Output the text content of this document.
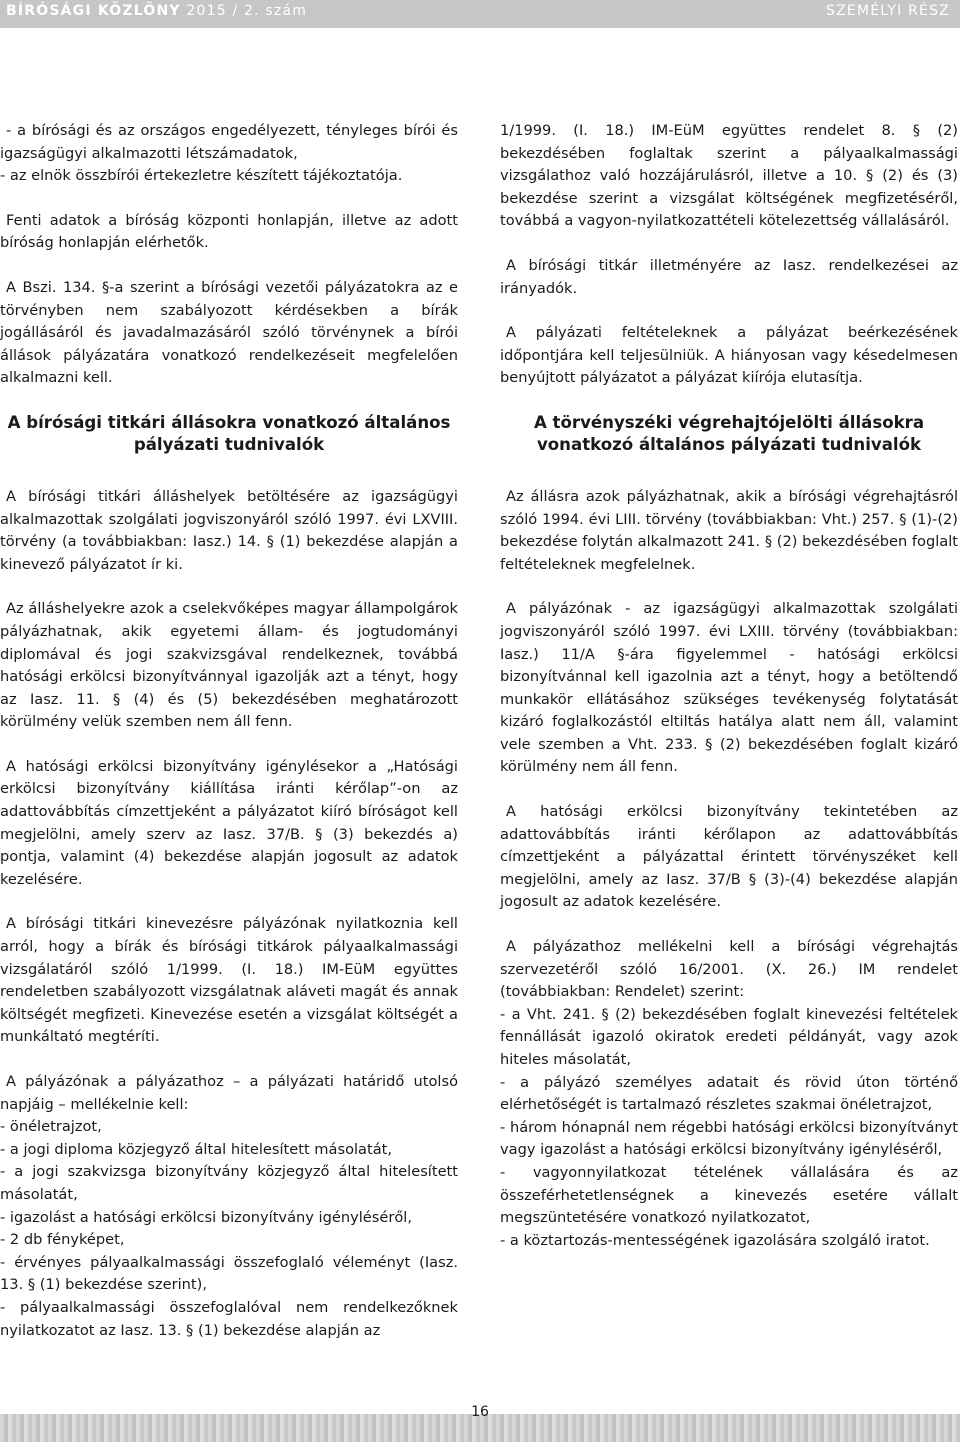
BÍRÓSÁGI KÖZLÖNY 2015 / 2. szám	SZEMÉLYI RÉSZ

- a bírósági és az országos engedélyezett, tényleges bírói és igazságügyi alkalmazotti létszámadatok,
- az elnök összbírói értekezletre készített tájékoztatója.

Fenti adatok a bíróság központi honlapján, illetve az adott bíróság honlapján elérhetők.

A Bszi. 134. §-a szerint a bírósági vezetői pályázatokra az e törvényben nem szabályozott kérdésekben a bírák jogállásáról és javadalmazásáról szóló törvénynek a bírói állások pályázatára vonatkozó rendelkezéseit megfelelően alkalmazni kell.

A bírósági titkári állásokra vonatkozó általános pályázati tudnivalók

A bírósági titkári álláshelyek betöltésére az igazságügyi alkalmazottak szolgálati jogviszonyáról szóló 1997. évi LXVIII. törvény (a továbbiakban: Iasz.) 14. § (1) bekezdése alapján a kinevező pályázatot ír ki.

Az álláshelyekre azok a cselekvőképes magyar állampolgárok pályázhatnak, akik egyetemi állam- és jogtudományi diplomával és jogi szakvizsgával rendelkeznek, továbbá hatósági erkölcsi bizonyítvánnyal igazolják azt a tényt, hogy az Iasz. 11. § (4) és (5) bekezdésében meghatározott körülmény velük szemben nem áll fenn.

A hatósági erkölcsi bizonyítvány igénylésekor a „Hatósági erkölcsi bizonyítvány kiállítása iránti kérőlap”-on az adattovábbítás címzettjeként a pályázatot kiíró bíróságot kell megjelölni, amely szerv az Iasz. 37/B. § (3) bekezdés a) pontja, valamint (4) bekezdése alapján jogosult az adatok kezelésére.

A bírósági titkári kinevezésre pályázónak nyilatkoznia kell arról, hogy a bírák és bírósági titkárok pályaalkalmassági vizsgálatáról szóló 1/1999. (I. 18.) IM-EüM együttes rendeletben szabályozott vizsgálatnak aláveti magát és annak költségét megfizeti. Kinevezése esetén a vizsgálat költségét a munkáltató megtéríti.

A pályázónak a pályázathoz – a pályázati határidő utolsó napjáig – mellékelnie kell:
- önéletrajzot,
- a jogi diploma közjegyző által hitelesített másolatát,
- a jogi szakvizsga bizonyítvány közjegyző által hitelesített másolatát,
- igazolást a hatósági erkölcsi bizonyítvány igényléséről,
- 2 db fényképet,
- érvényes pályaalkalmassági összefoglaló véleményt (Iasz. 13. § (1) bekezdése szerint),
- pályaalkalmassági összefoglalóval nem rendelkezőknek nyilatkozatot az Iasz. 13. § (1) bekezdése alapján az

1/1999. (I. 18.) IM-EüM együttes rendelet 8. § (2) bekezdésében foglaltak szerint a pályaalkalmassági vizsgálathoz való hozzájárulásról, illetve a 10. § (2) és (3) bekezdése szerint a vizsgálat költségének megfizetéséről, továbbá a vagyon-nyilatkozattételi kötelezettség vállalásáról.

A bírósági titkár illetményére az Iasz. rendelkezései az irányadók.

A pályázati feltételeknek a pályázat beérkezésének időpontjára kell teljesülniük. A hiányosan vagy késedelmesen benyújtott pályázatot a pályázat kiírója elutasítja.

A törvényszéki végrehajtójelölti állásokra vonatkozó általános pályázati tudnivalók

Az állásra azok pályázhatnak, akik a bírósági végrehajtásról szóló 1994. évi LIII. törvény (továbbiakban: Vht.) 257. § (1)-(2) bekezdése folytán alkalmazott 241. § (2) bekezdésében foglalt feltételeknek megfelelnek.

A pályázónak - az igazságügyi alkalmazottak szolgálati jogviszonyáról szóló 1997. évi LXIII. törvény (továbbiakban: Iasz.) 11/A §-ára figyelemmel - hatósági erkölcsi bizonyítvánnal kell igazolnia azt a tényt, hogy a betöltendő munkakör ellátásához szükséges tevékenység folytatását kizáró foglalkozástól eltiltás hatálya alatt nem áll, valamint vele szemben a Vht. 233. § (2) bekezdésében foglalt kizáró körülmény nem áll fenn.

A hatósági erkölcsi bizonyítvány tekintetében az adattovábbítás iránti kérőlapon az adattovábbítás címzettjeként a pályázattal érintett törvényszéket kell megjelölni, amely az Iasz. 37/B § (3)-(4) bekezdése alapján jogosult az adatok kezelésére.

A pályázathoz mellékelni kell a bírósági végrehajtás szervezetéről szóló 16/2001. (X. 26.) IM rendelet (továbbiakban: Rendelet) szerint:
- a Vht. 241. § (2) bekezdésében foglalt kinevezési feltételek fennállását igazoló okiratok eredeti példányát, vagy azok hiteles másolatát,
- a pályázó személyes adatait és rövid úton történő elérhetőségét is tartalmazó részletes szakmai önéletrajzot,
- három hónapnál nem régebbi hatósági erkölcsi bizonyítványt vagy igazolást a hatósági erkölcsi bizonyítvány igényléséről,
- vagyonnyilatkozat tételének vállalására és az összeférhetetlenségnek a kinevezés esetére vállalt megszüntetésére vonatkozó nyilatkozatot,
- a köztartozás-mentességének igazolására szolgáló iratot.

16
